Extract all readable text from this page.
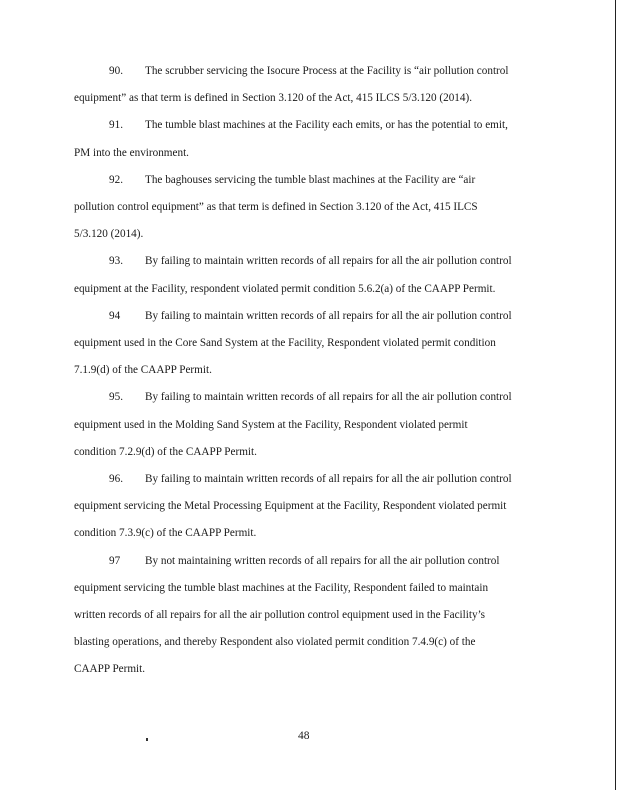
90. The scrubber servicing the Isocure Process at the Facility is “air pollution control
equipment” as that term is defined in Section 3.120 of the Act, 415 ILCS 5/3.120 (2014).

91. The tumble blast machines at the Facility each emits, or has the potential to emit,
PM into the environment.

92. The baghouses servicing the tumble blast machines at the Facility are “air
pollution control equipment” as that term is defined in Section 3.120 of the Act, 415 ILCS
5/3.120 (2014).

93. By failing to maintain written records of all repairs for all the air pollution control
equipment at the Facility, respondent violated permit condition 5.6.2(a) of the CAAPP Permit.

94 By failing to maintain written records of all repairs for all the air pollution control
equipment used in the Core Sand System at the Facility, Respondent violated permit condition
7.1.9(d) of the CAAPP Permit.

95. By failing to maintain written records of all repairs for all the air pollution control
equipment used in the Molding Sand System at the Facility, Respondent violated permit
condition 7.2.9(d) of the CAAPP Permit.

96. By failing to maintain written records of all repairs for all the air pollution control
equipment servicing the Metal Processing Equipment at the Facility, Respondent violated permit
condition 7.3.9(c) of the CAAPP Permit.

97 By not maintaining written records of all repairs for all the air pollution control
equipment servicing the tumble blast machines at the Facility, Respondent failed to maintain
written records of all repairs for all the air pollution control equipment used in the Facility’s
blasting operations, and thereby Respondent also violated permit condition 7.4.9(c) of the
CAAPP Permit.

48
